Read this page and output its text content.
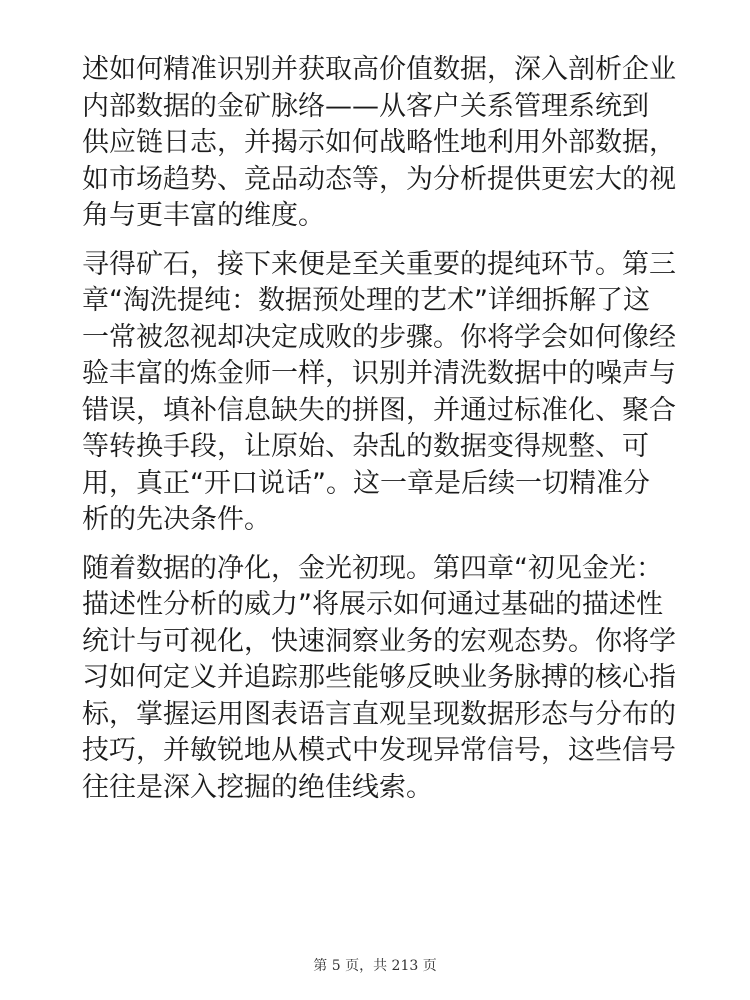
述如何精准识别并获取高价值数据，深入剖析企业
内部数据的金矿脉络——从客户关系管理系统到
供应链日志，并揭示如何战略性地利用外部数据，
如市场趋势、竞品动态等，为分析提供更宏大的视
角与更丰富的维度。
寻得矿石，接下来便是至关重要的提纯环节。第三
章“淘洗提纯：数据预处理的艺术”详细拆解了这
一常被忽视却决定成败的步骤。你将学会如何像经
验丰富的炼金师一样，识别并清洗数据中的噪声与
错误，填补信息缺失的拼图，并通过标准化、聚合
等转换手段，让原始、杂乱的数据变得规整、可
用，真正“开口说话”。这一章是后续一切精准分
析的先决条件。
随着数据的净化，金光初现。第四章“初见金光：
描述性分析的威力”将展示如何通过基础的描述性
统计与可视化，快速洞察业务的宏观态势。你将学
习如何定义并追踪那些能够反映业务脉搏的核心指
标，掌握运用图表语言直观呈现数据形态与分布的
技巧，并敏锐地从模式中发现异常信号，这些信号
往往是深入挖掘的绝佳线索。
第 5 页，共 213 页
